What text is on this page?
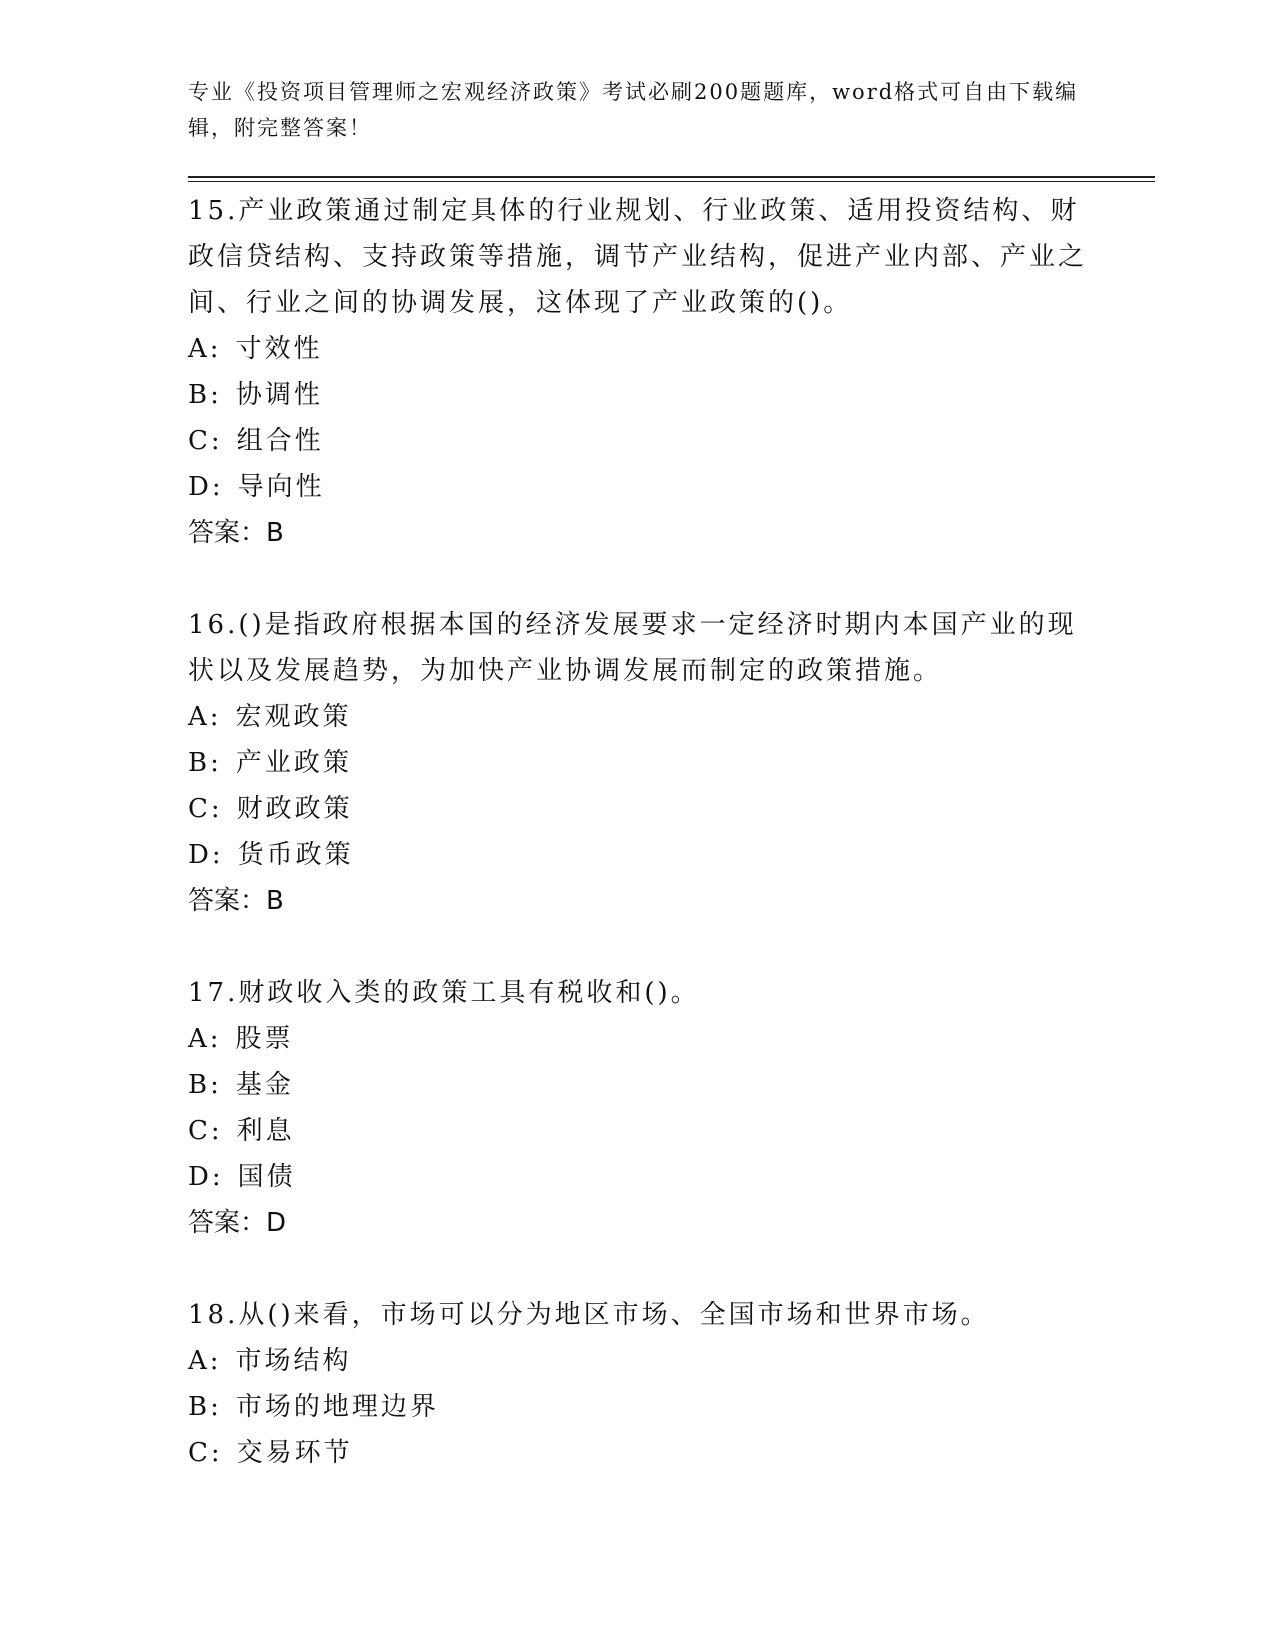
专业《投资项目管理师之宏观经济政策》考试必刷200题题库，word格式可自由下载编辑，附完整答案！

15.产业政策通过制定具体的行业规划、行业政策、适用投资结构、财政信贷结构、支持政策等措施，调节产业结构，促进产业内部、产业之间、行业之间的协调发展，这体现了产业政策的()。

A: 寸效性

B: 协调性

C: 组合性

D: 导向性

答案：B

16.()是指政府根据本国的经济发展要求一定经济时期内本国产业的现状以及发展趋势，为加快产业协调发展而制定的政策措施。

A: 宏观政策

B: 产业政策

C: 财政政策

D: 货币政策

答案：B

17.财政收入类的政策工具有税收和()。

A: 股票

B: 基金

C: 利息

D: 国债

答案：D

18.从()来看，市场可以分为地区市场、全国市场和世界市场。

A: 市场结构

B: 市场的地理边界

C: 交易环节
